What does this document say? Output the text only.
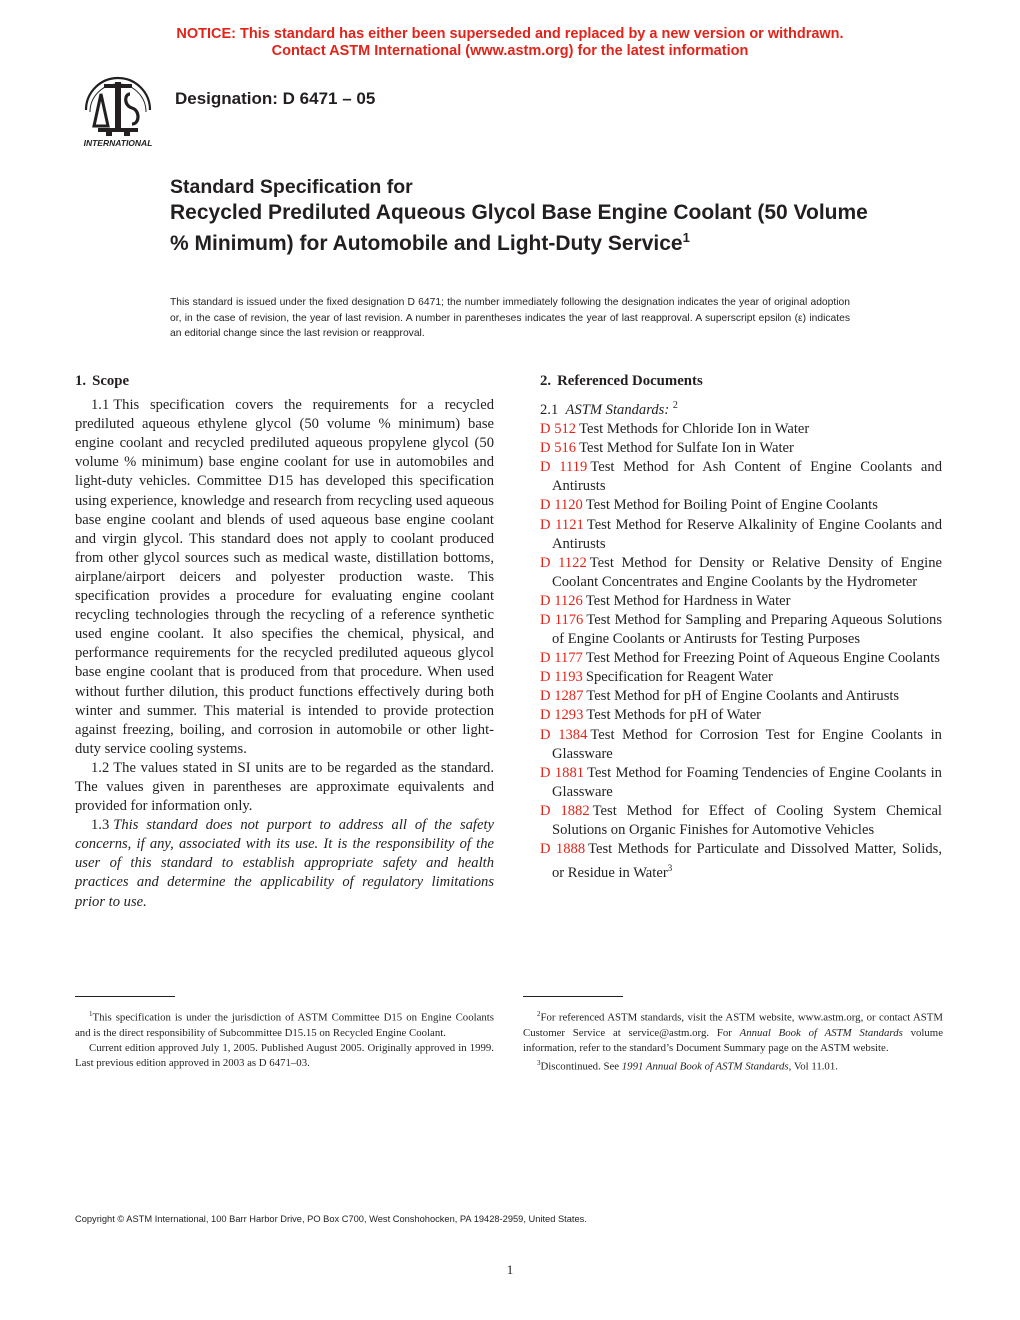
NOTICE: This standard has either been superseded and replaced by a new version or withdrawn.
Contact ASTM International (www.astm.org) for the latest information
INTERNATIONAL
Designation: D 6471 – 05
Standard Specification for
Recycled Prediluted Aqueous Glycol Base Engine Coolant (50 Volume % Minimum) for Automobile and Light-Duty Service$^1$
This standard is issued under the fixed designation D 6471; the number immediately following the designation indicates the year of original adoption or, in the case of revision, the year of last revision. A number in parentheses indicates the year of last reapproval. A superscript epsilon (ε) indicates an editorial change since the last revision or reapproval.
1. Scope

1.1 This specification covers the requirements for a recycled prediluted aqueous ethylene glycol (50 volume % minimum) base engine coolant and recycled prediluted aqueous propylene glycol (50 volume % minimum) base engine coolant for use in automobiles and light-duty vehicles. Committee D15 has developed this specification using experience, knowledge and research from recycling used aqueous base engine coolant and blends of used aqueous base engine coolant and virgin glycol. This standard does not apply to coolant produced from other glycol sources such as medical waste, distillation bottoms, airplane/airport deicers and polyester production waste. This specification provides a procedure for evaluating engine coolant recycling technologies through the recycling of a reference synthetic used engine coolant. It also specifies the chemical, physical, and performance requirements for the recycled prediluted aqueous glycol base engine coolant that is produced from that procedure. When used without further dilution, this product functions effectively during both winter and summer. This material is intended to provide protection against freezing, boiling, and corrosion in automobile or other light-duty service cooling systems.

1.2 The values stated in SI units are to be regarded as the standard. The values given in parentheses are approximate equivalents and provided for information only.

1.3 This standard does not purport to address all of the safety concerns, if any, associated with its use. It is the responsibility of the user of this standard to establish appropriate safety and health practices and determine the applicability of regulatory limitations prior to use.

2. Referenced Documents

2.1 ASTM Standards: $^2$

D 512 Test Methods for Chloride Ion in Water

D 516 Test Method for Sulfate Ion in Water

D 1119 Test Method for Ash Content of Engine Coolants and Antirusts

D 1120 Test Method for Boiling Point of Engine Coolants

D 1121 Test Method for Reserve Alkalinity of Engine Coolants and Antirusts

D 1122 Test Method for Density or Relative Density of Engine Coolant Concentrates and Engine Coolants by the Hydrometer

D 1126 Test Method for Hardness in Water

D 1176 Test Method for Sampling and Preparing Aqueous Solutions of Engine Coolants or Antirusts for Testing Purposes

D 1177 Test Method for Freezing Point of Aqueous Engine Coolants

D 1193 Specification for Reagent Water

D 1287 Test Method for pH of Engine Coolants and Antirusts

D 1293 Test Methods for pH of Water

D 1384 Test Method for Corrosion Test for Engine Coolants in Glassware

D 1881 Test Method for Foaming Tendencies of Engine Coolants in Glassware

D 1882 Test Method for Effect of Cooling System Chemical Solutions on Organic Finishes for Automotive Vehicles

D 1888 Test Methods for Particulate and Dissolved Matter, Solids, or Residue in Water$^3$

$^1$This specification is under the jurisdiction of ASTM Committee D15 on Engine Coolants and is the direct responsibility of Subcommittee D15.15 on Recycled Engine Coolant.

Current edition approved July 1, 2005. Published August 2005. Originally approved in 1999. Last previous edition approved in 2003 as D 6471–03.

$^2$For referenced ASTM standards, visit the ASTM website, www.astm.org, or contact ASTM Customer Service at service@astm.org. For Annual Book of ASTM Standards volume information, refer to the standard’s Document Summary page on the ASTM website.

$^3$Discontinued. See 1991 Annual Book of ASTM Standards, Vol 11.01.

Copyright © ASTM International, 100 Barr Harbor Drive, PO Box C700, West Conshohocken, PA 19428-2959, United States.
1
